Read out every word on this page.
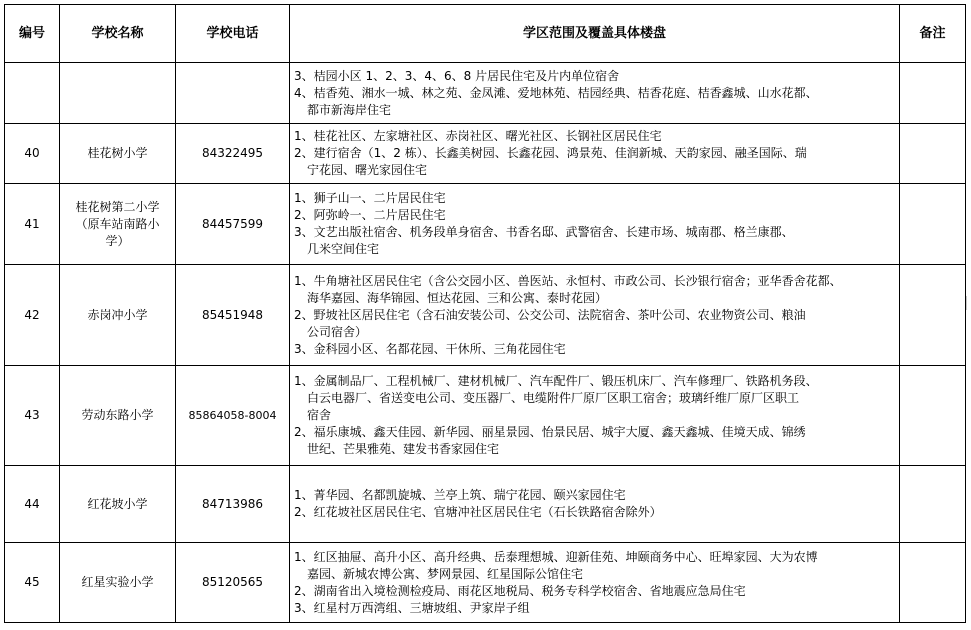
编号	学校名称	学校电话	学区范围及覆盖具体楼盘	备注

			3、桔园小区 1、2、3、4、6、8 片居民住宅及片内单位宿舍
4、桔香苑、湘水一城、林之苑、金凤滩、爱地林苑、桔园经典、桔香花庭、桔香鑫城、山水花都、
都市新海岸住宅	

40	桂花树小学	84322495	1、桂花社区、左家塘社区、赤岗社区、曙光社区、长钢社区居民住宅
2、建行宿舍（1、2 栋）、长鑫美树园、长鑫花园、鸿景苑、佳润新城、天韵家园、融圣国际、瑞
宁花园、曙光家园住宅	

41	桂花树第二小学（原车站南路小学）	84457599	1、狮子山一、二片居民住宅
2、阿弥岭一、二片居民住宅
3、文艺出版社宿舍、机务段单身宿舍、书香名邸、武警宿舍、长建市场、城南郡、格兰康郡、
几米空间住宅	

42	赤岗冲小学	85451948	1、牛角塘社区居民住宅（含公交园小区、兽医站、永恒村、市政公司、长沙银行宿舍；亚华香舍花都、
海华嘉园、海华锦园、恒达花园、三和公寓、泰时花园）
2、野坡社区居民住宅（含石油安装公司、公交公司、法院宿舍、茶叶公司、农业物资公司、粮油
公司宿舍）
3、金科园小区、名都花园、干休所、三角花园住宅	

43	劳动东路小学	85864058-8004	1、金属制品厂、工程机械厂、建材机械厂、汽车配件厂、锻压机床厂、汽车修理厂、铁路机务段、
白云电器厂、省送变电公司、变压器厂、电缆附件厂原厂区职工宿舍；玻璃纤维厂原厂区职工
宿舍
2、福乐康城、鑫天佳园、新华园、丽星景园、怡景民居、城宇大厦、鑫天鑫城、佳境天成、锦绣
世纪、芒果雅苑、建发书香家园住宅	

44	红花坡小学	84713986	1、菁华园、名都凯旋城、兰亭上筑、瑞宁花园、颐兴家园住宅
2、红花坡社区居民住宅、官塘冲社区居民住宅（石长铁路宿舍除外）	

45	红星实验小学	85120565	1、红区抽屉、高升小区、高升经典、岳泰理想城、迎新佳苑、坤颐商务中心、旺埠家园、大为农博
嘉园、新城农博公寓、梦网景园、红星国际公馆住宅
2、湖南省出入境检测检疫局、雨花区地税局、税务专科学校宿舍、省地震应急局住宅
3、红星村万西湾组、三塘坡组、尹家岸子组	
